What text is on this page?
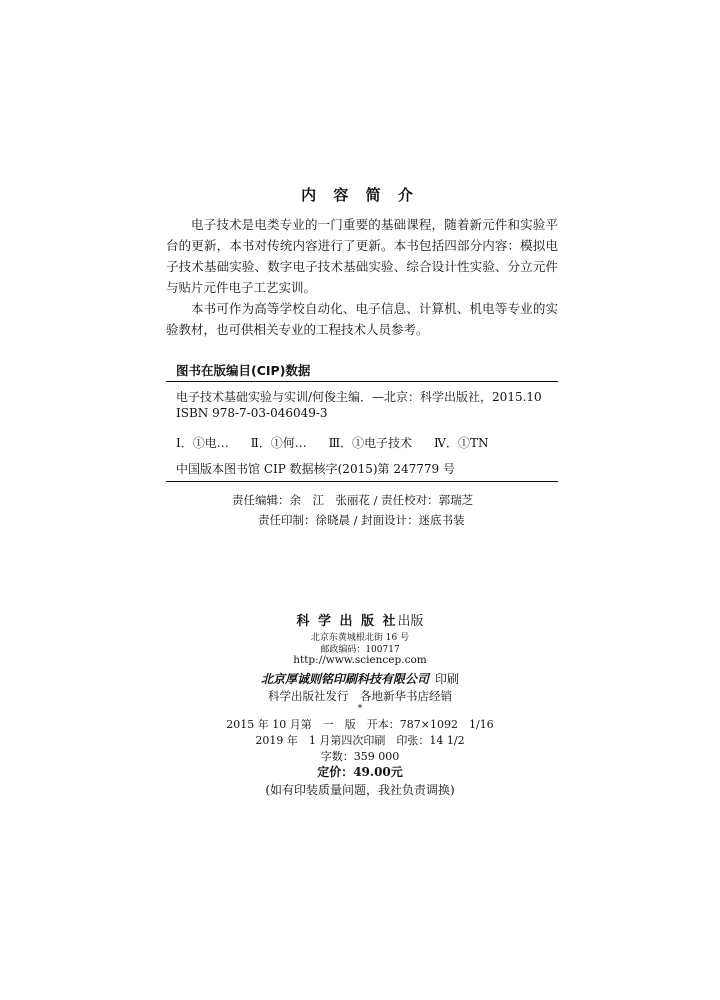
内 容 简 介

电子技术是电类专业的一门重要的基础课程，随着新元件和实验平台的更新，本书对传统内容进行了更新。本书包括四部分内容：模拟电子技术基础实验、数字电子技术基础实验、综合设计性实验、分立元件与贴片元件电子工艺实训。

本书可作为高等学校自动化、电子信息、计算机、机电等专业的实验教材，也可供相关专业的工程技术人员参考。

图书在版编目(CIP)数据
电子技术基础实验与实训/何俊主编．—北京：科学出版社，2015.10
ISBN 978-7-03-046049-3
Ⅰ．①电… Ⅱ．①何… Ⅲ．①电子技术 Ⅳ．①TN
中国版本图书馆 CIP 数据核字(2015)第 247779 号
责任编辑：余　江　张丽花 / 责任校对：郭瑞芝
责任印制：徐晓晨 / 封面设计：迷底书装
科 学 出 版 社出版
北京东黄城根北街 16 号
邮政编码：100717
http://www.sciencep.com
北京厚诚则铭印刷科技有限公司 印刷
科学出版社发行　各地新华书店经销
*
2015 年 10 月第　一　版　开本：787×1092　1/16
2019 年　1 月第四次印刷　印张：14 1/2
字数：359 000
定价：49.00元
(如有印装质量问题，我社负责调换)
